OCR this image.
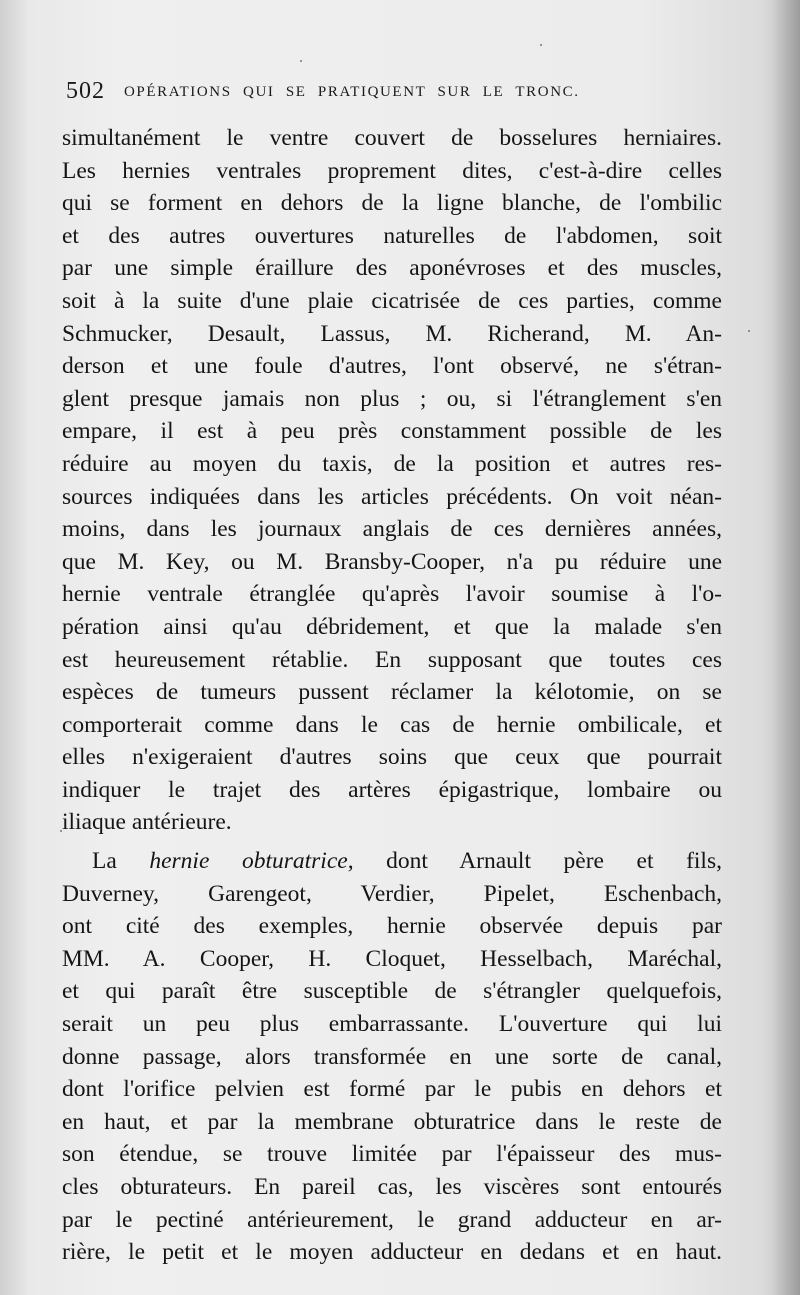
502 OPÉRATIONS QUI SE PRATIQUENT SUR LE TRONC.
simultanément le ventre couvert de bosselures herniaires.
Les hernies ventrales proprement dites, c'est-à-dire celles
qui se forment en dehors de la ligne blanche, de l'ombilic
et des autres ouvertures naturelles de l'abdomen, soit
par une simple éraillure des aponévroses et des muscles,
soit à la suite d'une plaie cicatrisée de ces parties, comme
Schmucker, Desault, Lassus, M. Richerand, M. An-
derson et une foule d'autres, l'ont observé, ne s'étran-
glent presque jamais non plus ; ou, si l'étranglement s'en
empare, il est à peu près constamment possible de les
réduire au moyen du taxis, de la position et autres res-
sources indiquées dans les articles précédents. On voit néan-
moins, dans les journaux anglais de ces dernières années,
que M. Key, ou M. Bransby-Cooper, n'a pu réduire une
hernie ventrale étranglée qu'après l'avoir soumise à l'o-
pération ainsi qu'au débridement, et que la malade s'en
est heureusement rétablie. En supposant que toutes ces
espèces de tumeurs pussent réclamer la kélotomie, on se
comporterait comme dans le cas de hernie ombilicale, et
elles n'exigeraient d'autres soins que ceux que pourrait
indiquer le trajet des artères épigastrique, lombaire ou
iliaque antérieure.
La hernie obturatrice, dont Arnault père et fils,
Duverney, Garengeot, Verdier, Pipelet, Eschenbach,
ont cité des exemples, hernie observée depuis par
MM. A. Cooper, H. Cloquet, Hesselbach, Maréchal,
et qui paraît être susceptible de s'étrangler quelquefois,
serait un peu plus embarrassante. L'ouverture qui lui
donne passage, alors transformée en une sorte de canal,
dont l'orifice pelvien est formé par le pubis en dehors et
en haut, et par la membrane obturatrice dans le reste de
son étendue, se trouve limitée par l'épaisseur des mus-
cles obturateurs. En pareil cas, les viscères sont entourés
par le pectiné antérieurement, le grand adducteur en ar-
rière, le petit et le moyen adducteur en dedans et en haut.
